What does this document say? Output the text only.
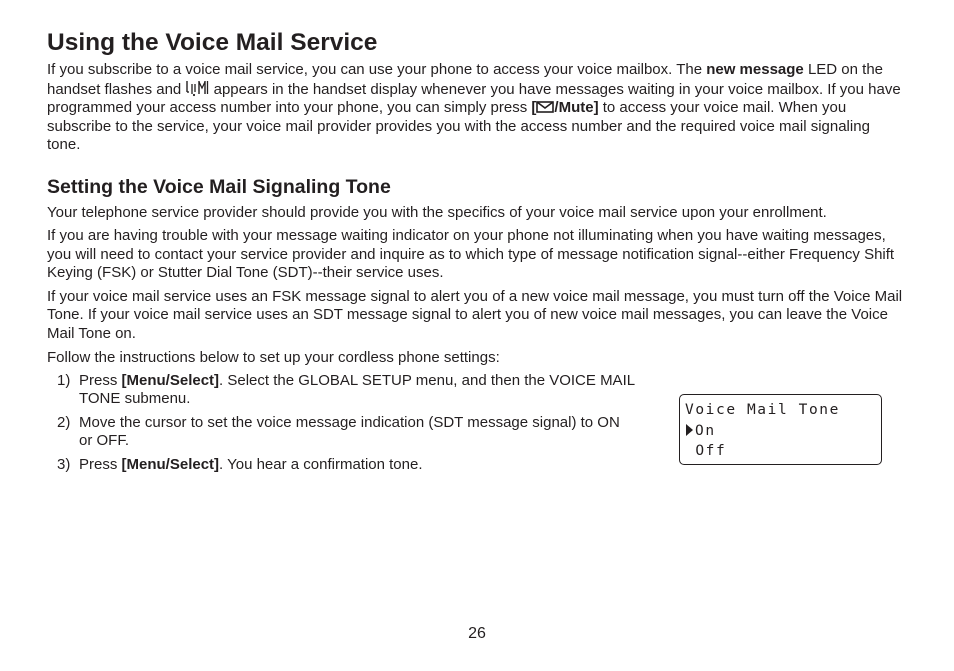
Using the Voice Mail Service

If you subscribe to a voice mail service, you can use your phone to access your voice mailbox. The new message LED on the handset flashes and  appears in the handset display whenever you have messages waiting in your voice mailbox. If you have programmed your access number into your phone, you can simply press [ /Mute] to access your voice mail. When you subscribe to the service, your voice mail provider provides you with the access number and the required voice mail signaling tone.

Setting the Voice Mail Signaling Tone

Your telephone service provider should provide you with the specifics of your voice mail service upon your enrollment.

If you are having trouble with your message waiting indicator on your phone not illuminating when you have waiting messages, you will need to contact your service provider and inquire as to which type of message notification signal--either Frequency Shift Keying (FSK) or Stutter Dial Tone (SDT)--their service uses.

If your voice mail service uses an FSK message signal to alert you of a new voice mail message, you must turn off the Voice Mail Tone. If your voice mail service uses an SDT message signal to alert you of new voice mail messages, you can leave the Voice Mail Tone on.

Follow the instructions below to set up your cordless phone settings:

1) Press [Menu/Select]. Select the GLOBAL SETUP menu, and then the VOICE MAIL TONE submenu.
2) Move the cursor to set the voice message indication (SDT message signal) to ON or OFF.
3) Press [Menu/Select]. You hear a confirmation tone.
Voice Mail Tone
On
Off
26
